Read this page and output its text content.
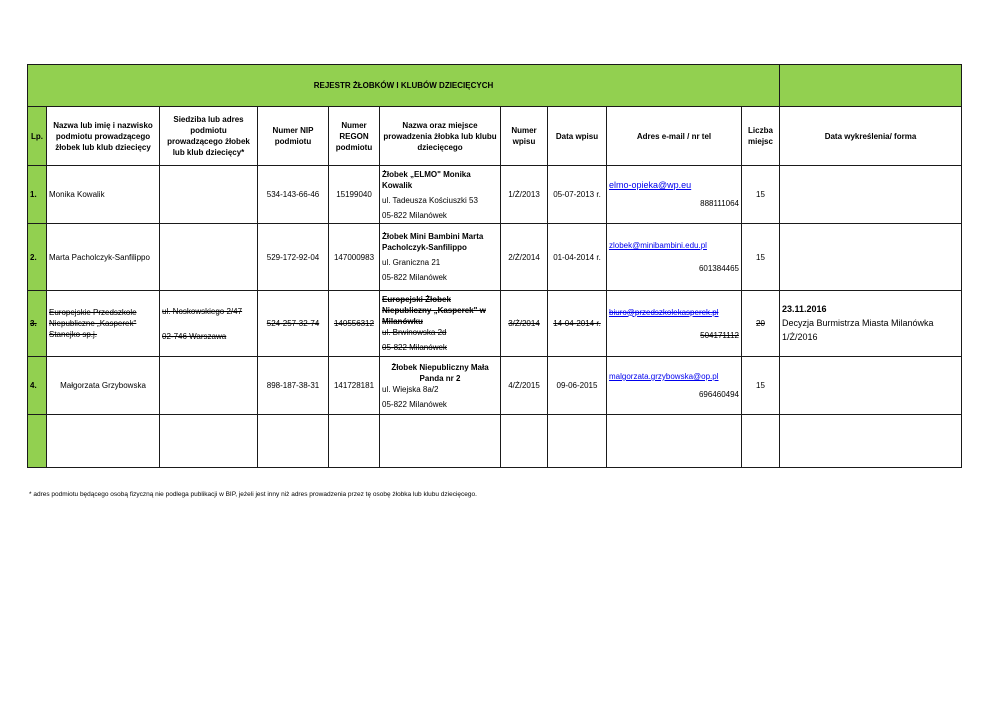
REJESTR ŻŁOBKÓW I KLUBÓW DZIECIĘCYCH										
Lp.	Nazwa lub imię i nazwisko podmiotu prowadzącego żłobek lub klub dziecięcy	Siedziba lub adres podmiotu prowadzącego żłobek lub klub dziecięcy*	Numer NIP podmiotu	Numer REGON podmiotu	Nazwa oraz miejsce prowadzenia żłobka lub klubu dziecięcego	Numer wpisu	Data wpisu	Adres e-mail / nr tel	Liczba miejsc	Data wykreślenia/ forma
1.	Monika Kowalik		534-143-66-46	15199040	Żłobek „ELMO" Monika Kowalik
ul. Tadeusza Kościuszki 53
05-822 Milanówek	1/Ż/2013	05-07-2013 r.	elmo-opieka@wp.eu
888111064	15	

2.	Marta Pacholczyk-Sanfilippo		529-172-92-04	147000983	Żłobek Mini Bambini Marta Pacholczyk-Sanfilippo
ul. Graniczna 21
05-822 Milanówek	2/Ż/2014	01-04-2014 r.	zlobek@minibambini.edu.pl
601384465	15	

3.	Europejskie Przedszkole Niepubliczne „Kasperek" Stanejko sp.j.	ul. Noskowskiego 2/47
02-746 Warszawa	524-257-32-74	140556312	Europejski Żłobek Niepubliczny „Kasperek" w Milanówku
ul. Brwinowska 2d
05-822 Milanówek	3/Ż/2014	14-04-2014 r.	biuro@przedszkolekasperek.pl
504171112	20	23.11.2016
Decyzja Burmistrza Miasta Milanówka
1/Ż/2016

4.	Małgorzata Grzybowska		898-187-38-31	141728181	Żłobek Niepubliczny Mała Panda nr 2
ul. Wiejska 8a/2
05-822 Milanówek	4/Ż/2015	09-06-2015	malgorzata.grzybowska@op.pl
696460494	15	

* adres podmiotu będącego osobą fizyczną nie podlega publikacji w BIP, jeżeli jest inny niż adres prowadzenia przez tę osobę żłobka lub klubu dziecięcego.
